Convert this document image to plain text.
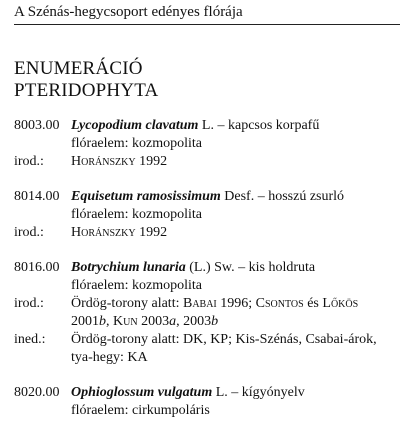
A Szénás-hegycsoport edényes flórája
ENUMERÁCIÓ
PTERIDOPHYTA
8003.00 Lycopodium clavatum L. – kapcsos korpafű
flóraelem: kozmopolita
irod.: Horánszky 1992
8014.00 Equisetum ramosissimum Desf. – hosszú zsurló
flóraelem: kozmopolita
irod.: Horánszky 1992
8016.00 Botrychium lunaria (L.) Sw. – kis holdruta
flóraelem: kozmopolita
irod.: Ördög-torony alatt: Babai 1996; Csontos és Lőkös
2001b, Kun 2003a, 2003b
ined.: Ördög-torony alatt: DK, KP; Kis-Szénás, Csabai-árok,
tya-hegy: KA
8020.00 Ophioglossum vulgatum L. – kígyónyelv
flóraelem: cirkumpoláris
